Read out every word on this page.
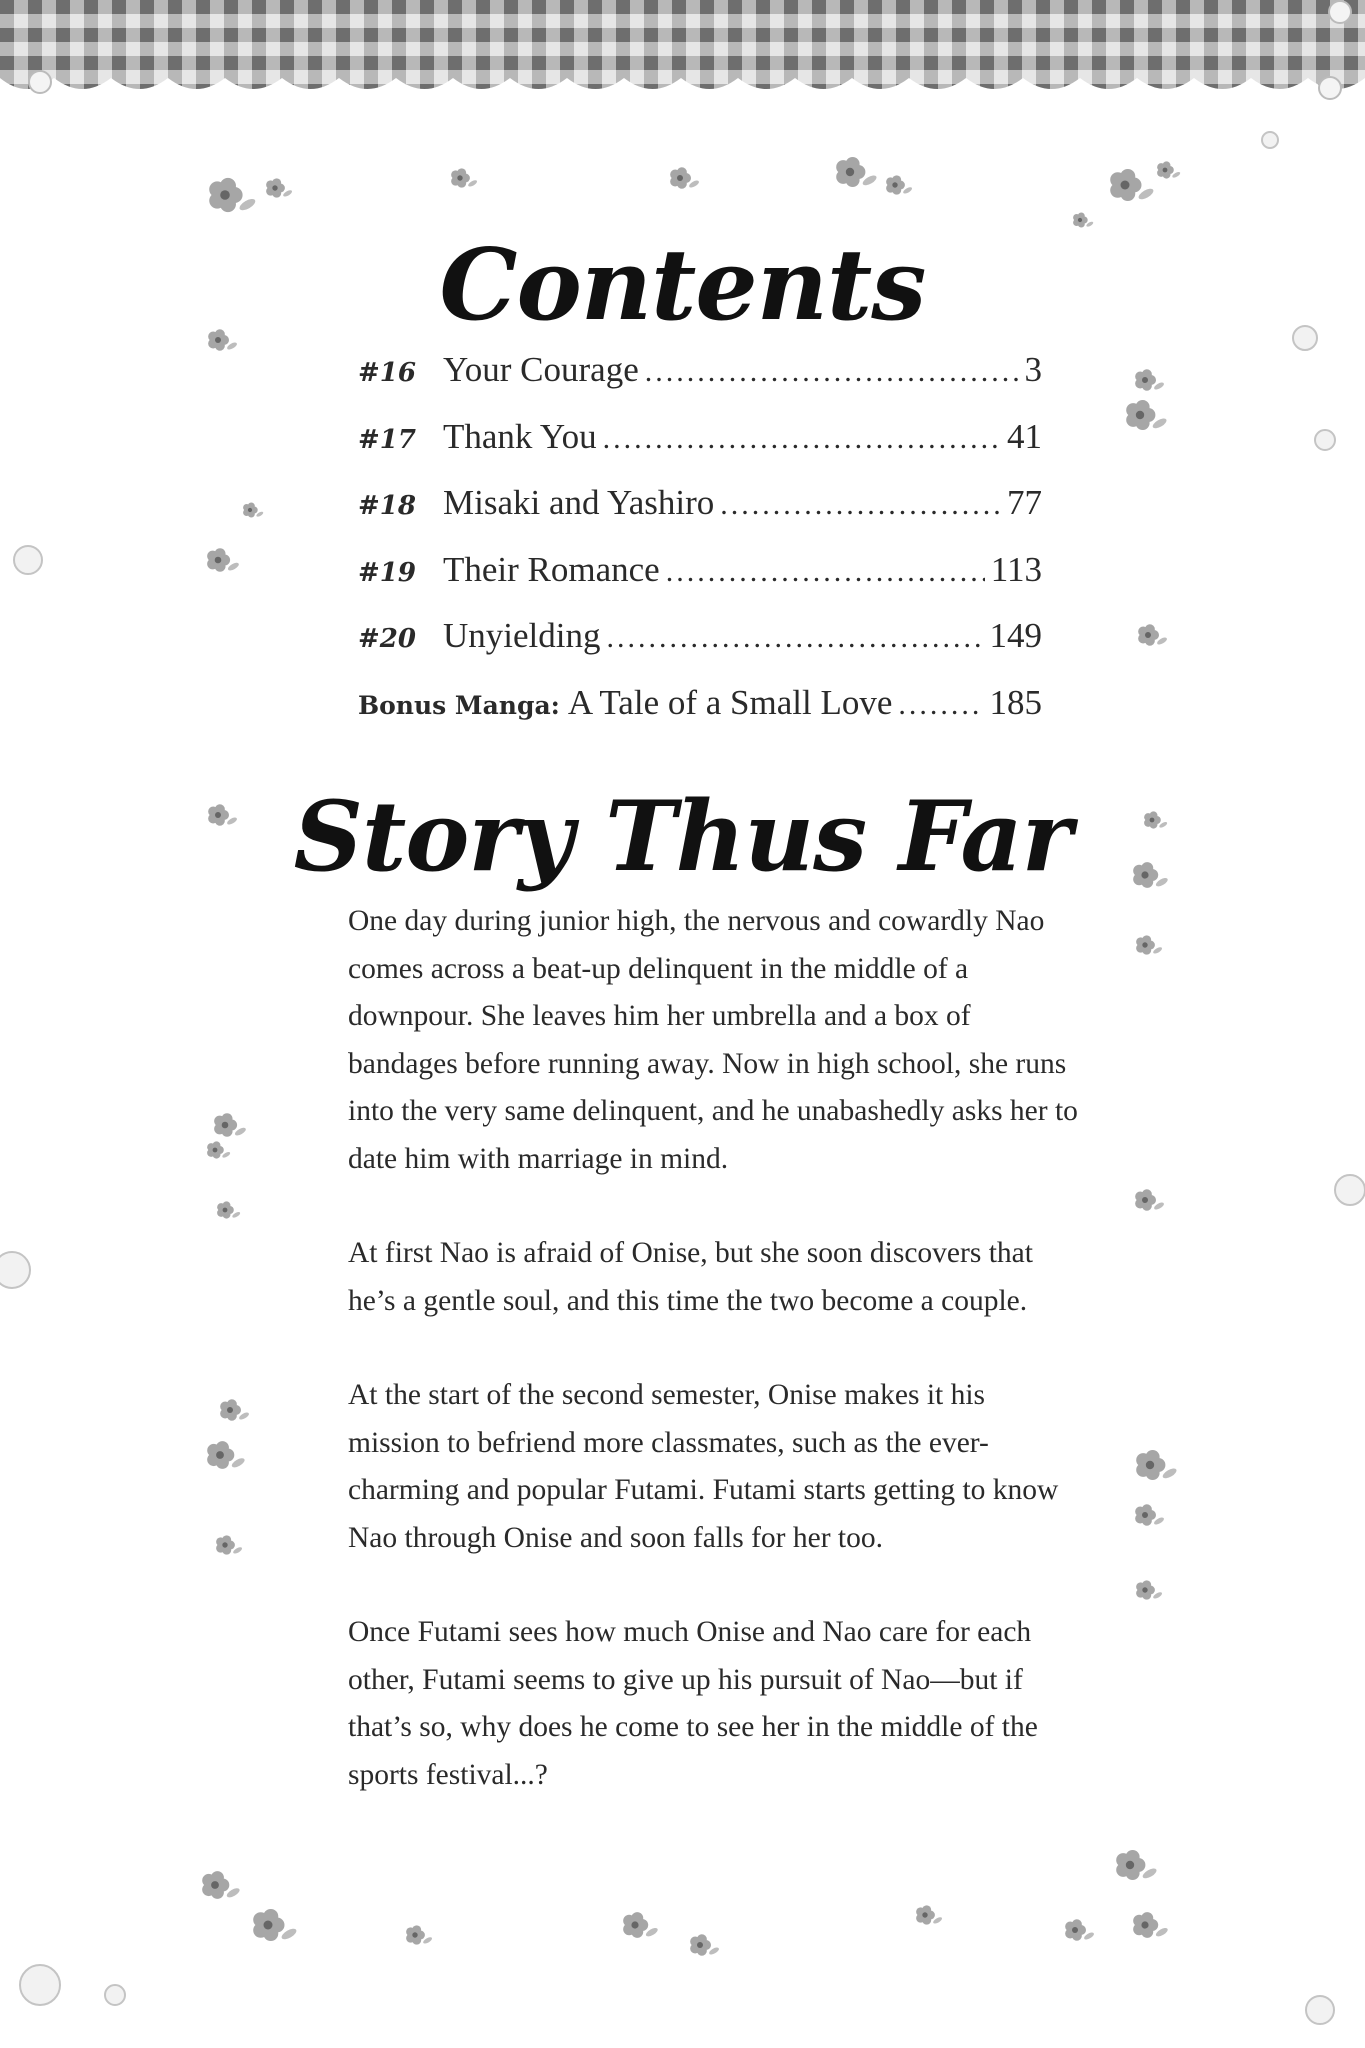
Contents
#16 Your Courage .....	3
#17 Thank You .....	41
#18 Misaki and Yashiro .....	77
#19 Their Romance .....	113
#20 Unyielding .....	149
Bonus Manga: A Tale of a Small Love .....	185
Story Thus Far

One day during junior high, the nervous and cowardly Nao comes across a beat-up delinquent in the middle of a downpour. She leaves him her umbrella and a box of bandages before running away. Now in high school, she runs into the very same delinquent, and he unabashedly asks her to date him with marriage in mind.

At first Nao is afraid of Onise, but she soon discovers that he’s a gentle soul, and this time the two become a couple.

At the start of the second semester, Onise makes it his mission to befriend more classmates, such as the ever-charming and popular Futami. Futami starts getting to know Nao through Onise and soon falls for her too.

Once Futami sees how much Onise and Nao care for each other, Futami seems to give up his pursuit of Nao—but if that’s so, why does he come to see her in the middle of the sports festival...?
